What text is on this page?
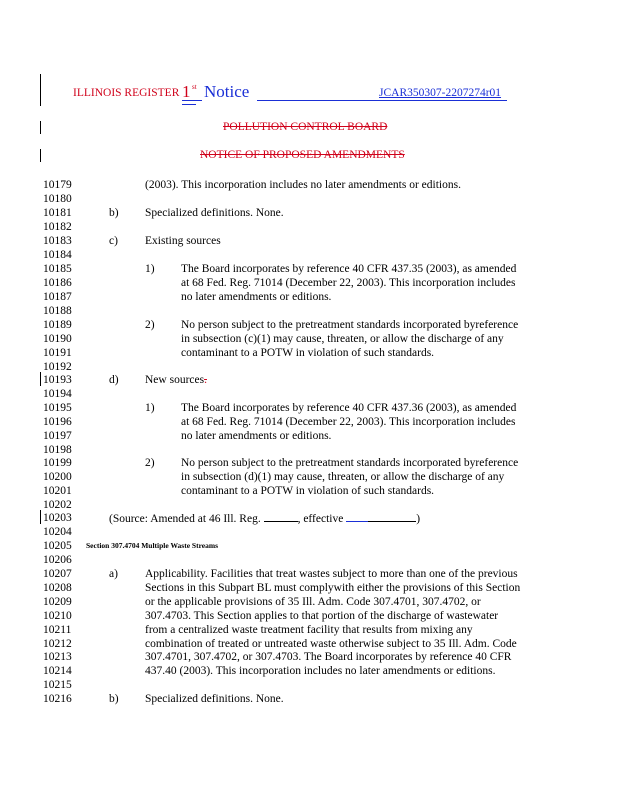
ILLINOIS REGISTER 1 st Notice	JCAR350307-2207274r01
POLLUTION CONTROL BOARD
NOTICE OF PROPOSED AMENDMENTS
10179
10180
10181
10182
10183
10184
10185
10186
10187
10188
10189
10190
10191
10192
10193
10194
10195
10196
10197
10198
10199
10200
10201
10202
10203
10204
10205
10206
10207
10208
10209
10210
10211
10212
10213
10214
10215
10216
(2003). This incorporation includes no later amendments or editions.
b) Specialized definitions. None.
c) Existing sources
1) The Board incorporates by reference 40 CFR 437.35 (2003), as amended
at 68 Fed. Reg. 71014 (December 22, 2003). This incorporation includes
no later amendments or editions.
2) No person subject to the pretreatment standards incorporated byreference
in subsection (c)(1) may cause, threaten, or allow the discharge of any
contaminant to a POTW in violation of such standards.
d) New sources.
1) The Board incorporates by reference 40 CFR 437.36 (2003), as amended
at 68 Fed. Reg. 71014 (December 22, 2003). This incorporation includes
no later amendments or editions.
2) No person subject to the pretreatment standards incorporated byreference
in subsection (d)(1) may cause, threaten, or allow the discharge of any
contaminant to a POTW in violation of such standards.
(Source: Amended at 46 Ill. Reg.	, effective	)
Section 307.4704 Multiple Waste Streams
a) Applicability. Facilities that treat wastes subject to more than one of the previous
Sections in this Subpart BL must complywith either the provisions of this Section
or the applicable provisions of 35 Ill. Adm. Code 307.4701, 307.4702, or
307.4703. This Section applies to that portion of the discharge of wastewater
from a centralized waste treatment facility that results from mixing any
combination of treated or untreated waste otherwise subject to 35 Ill. Adm. Code
307.4701, 307.4702, or 307.4703. The Board incorporates by reference 40 CFR
437.40 (2003). This incorporation includes no later amendments or editions.
b) Specialized definitions. None.
